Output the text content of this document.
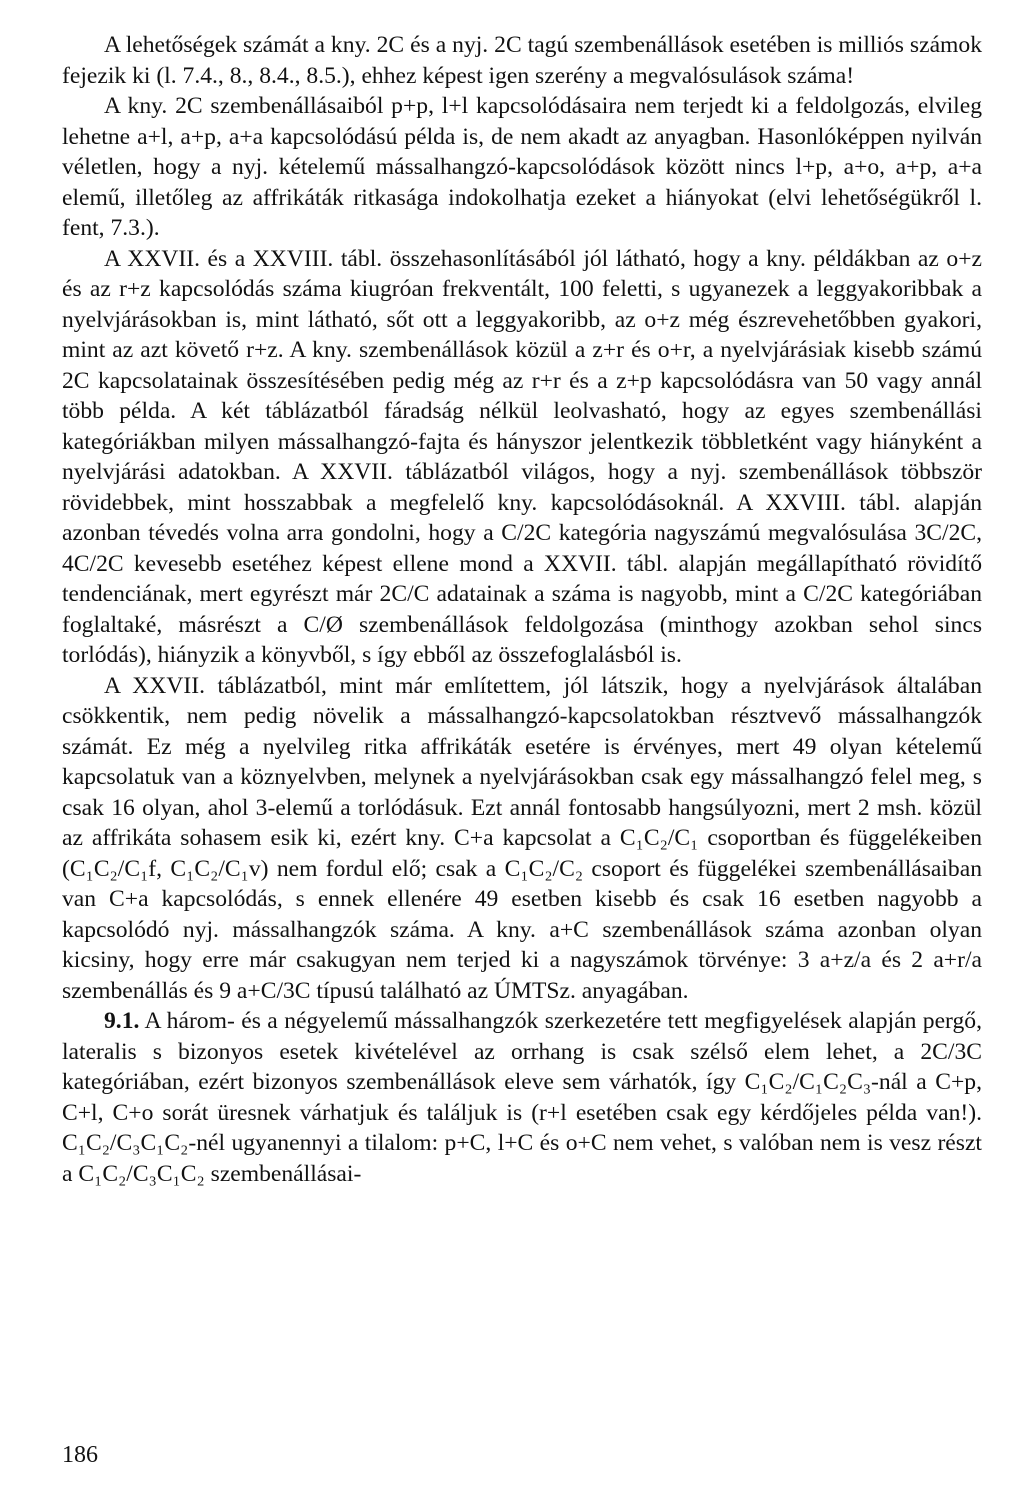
A lehetőségek számát a kny. 2C és a nyj. 2C tagú szembenállások esetében is milliós számok fejezik ki (l. 7.4., 8., 8.4., 8.5.), ehhez képest igen szerény a megvalósulások száma!

A kny. 2C szembenállásaiból p+p, l+l kapcsolódásaira nem terjedt ki a feldolgozás, elvileg lehetne a+l, a+p, a+a kapcsolódású példa is, de nem akadt az anyagban. Hasonlóképpen nyilván véletlen, hogy a nyj. kételemű mássalhangzó-kapcsolódások között nincs l+p, a+o, a+p, a+a elemű, illetőleg az affrikáták ritkasága indokolhatja ezeket a hiányokat (elvi lehetőségükről l. fent, 7.3.).

A XXVII. és a XXVIII. tábl. összehasonlításából jól látható, hogy a kny. példákban az o+z és az r+z kapcsolódás száma kiugróan frekventált, 100 feletti, s ugyanezek a leggyakoribbak a nyelvjárásokban is, mint látható, sőt ott a leggyakoribb, az o+z még észrevehetőbben gyakori, mint az azt követő r+z. A kny. szembenállások közül a z+r és o+r, a nyelvjárásiak kisebb számú 2C kapcsolatainak összesítésében pedig még az r+r és a z+p kapcsolódásra van 50 vagy annál több példa. A két táblázatból fáradság nélkül leolvasható, hogy az egyes szembenállási kategóriákban milyen mássalhangzó-fajta és hányszor jelentkezik többletként vagy hiányként a nyelvjárási adatokban. A XXVII. táblázatból világos, hogy a nyj. szembenállások többször rövidebbek, mint hosszabbak a megfelelő kny. kapcsolódásoknál. A XXVIII. tábl. alapján azonban tévedés volna arra gondolni, hogy a C/2C kategória nagyszámú megvalósulása 3C/2C, 4C/2C kevesebb esetéhez képest ellene mond a XXVII. tábl. alapján megállapítható rövidítő tendenciának, mert egyrészt már 2C/C adatainak a száma is nagyobb, mint a C/2C kategóriában foglaltaké, másrészt a C/Ø szembenállások feldolgozása (minthogy azokban sehol sincs torlódás), hiányzik a könyvből, s így ebből az összefoglalásból is.

A XXVII. táblázatból, mint már említettem, jól látszik, hogy a nyelvjárások általában csökkentik, nem pedig növelik a mássalhangzó-kapcsolatokban résztvevő mássalhangzók számát. Ez még a nyelvileg ritka affrikáták esetére is érvényes, mert 49 olyan kételemű kapcsolatuk van a köznyelvben, melynek a nyelvjárásokban csak egy mássalhangzó felel meg, s csak 16 olyan, ahol 3-elemű a torlódásuk. Ezt annál fontosabb hangsúlyozni, mert 2 msh. közül az affrikáta sohasem esik ki, ezért kny. C+a kapcsolat a C₁C₂/C₁ csoportban és függelékeiben (C₁C₂/C₁f, C₁C₂/C₁v) nem fordul elő; csak a C₁C₂/C₂ csoport és függelékei szembenállásaiban van C+a kapcsolódás, s ennek ellenére 49 esetben kisebb és csak 16 esetben nagyobb a kapcsolódó nyj. mássalhangzók száma. A kny. a+C szembenállások száma azonban olyan kicsiny, hogy erre már csakugyan nem terjed ki a nagyszámok törvénye: 3 a+z/a és 2 a+r/a szembenállás és 9 a+C/3C típusú található az ÚMTSz. anyagában.

9.1. A három- és a négyelemű mássalhangzók szerkezetére tett megfigyelések alapján pergő, lateralis s bizonyos esetek kivételével az orrhang is csak szélső elem lehet, a 2C/3C kategóriában, ezért bizonyos szembenállások eleve sem várhatók, így C₁C₂/C₁C₂C₃-nál a C+p, C+l, C+o sorát üresnek várhatjuk és találjuk is (r+l esetében csak egy kérdőjeles példa van!). C₁C₂/C₃C₁C₂-nél ugyanennyi a tilalom: p+C, l+C és o+C nem vehet, s valóban nem is vesz részt a C₁C₂/C₃C₁C₂ szembenállásai-

186
